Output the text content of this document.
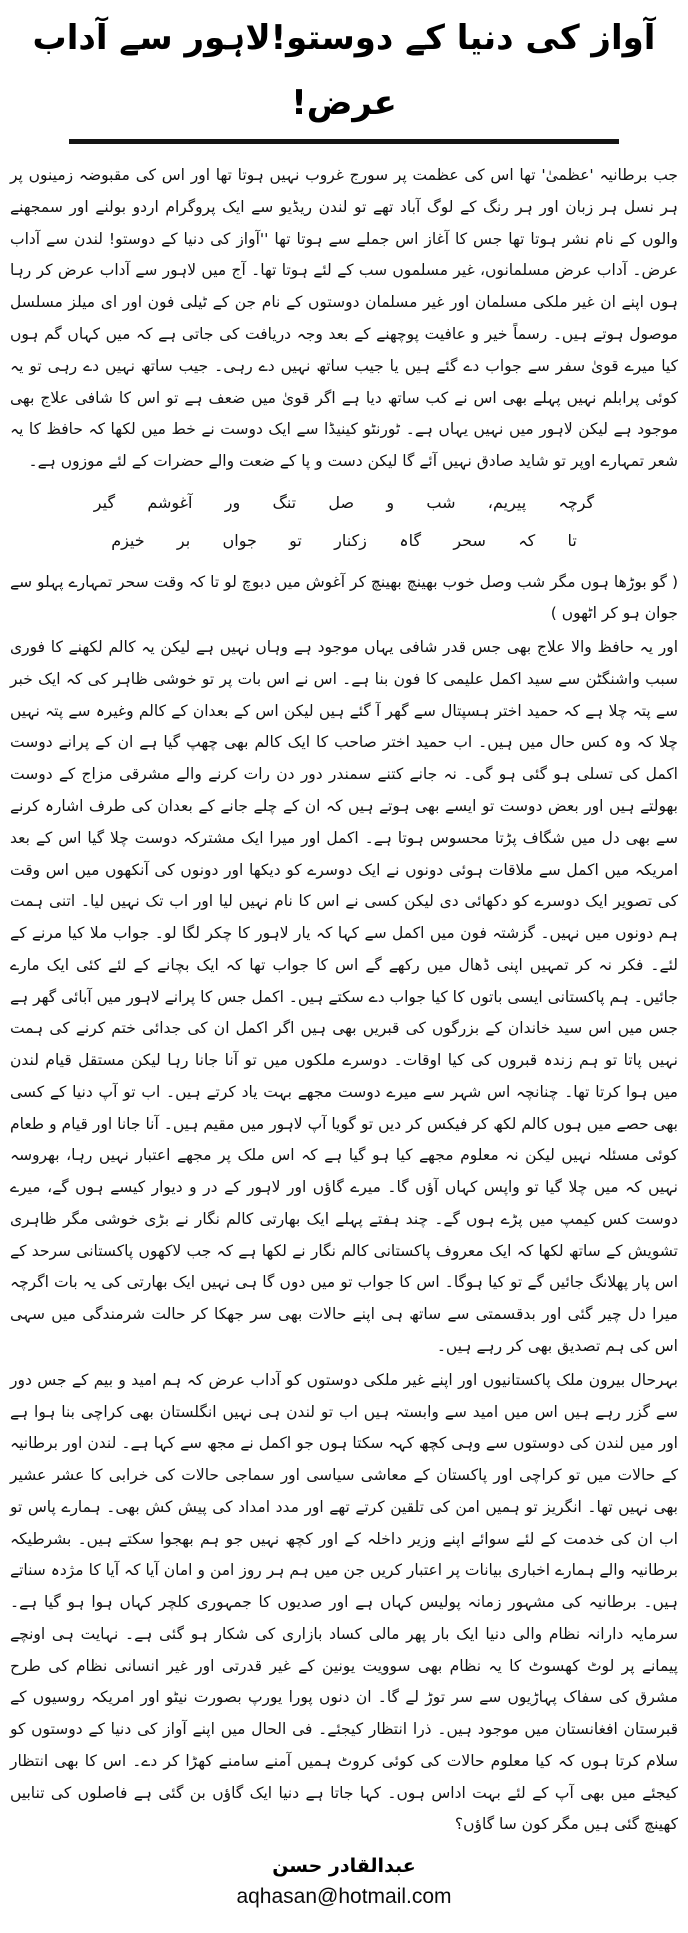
آواز کی دنیا کے دوستو!لاہور سے آداب عرض!

جب برطانیہ 'عظمیٰ' تھا اس کی عظمت پر سورج غروب نہیں ہوتا تھا اور اس کی مقبوضہ زمینوں پر ہر نسل ہر زبان اور ہر رنگ کے لوگ آباد تھے تو لندن ریڈیو سے ایک پروگرام اردو بولنے اور سمجھنے والوں کے نام نشر ہوتا تھا جس کا آغاز اس جملے سے ہوتا تھا ''آواز کی دنیا کے دوستو! لندن سے آداب عرض۔ آداب عرض مسلمانوں، غیر مسلموں سب کے لئے ہوتا تھا۔ آج میں لاہور سے آداب عرض کر رہا ہوں اپنے ان غیر ملکی مسلمان اور غیر مسلمان دوستوں کے نام جن کے ٹیلی فون اور ای میلز مسلسل موصول ہوتے ہیں۔ رسماً خیر و عافیت پوچھنے کے بعد وجہ دریافت کی جاتی ہے کہ میں کہاں گم ہوں کیا میرے قویٰ سفر سے جواب دے گئے ہیں یا جیب ساتھ نہیں دے رہی۔ جیب ساتھ نہیں دے رہی تو یہ کوئی پرابلم نہیں پہلے بھی اس نے کب ساتھ دیا ہے اگر قویٰ میں ضعف ہے تو اس کا شافی علاج بھی موجود ہے لیکن لاہور میں نہیں یہاں ہے۔ ٹورنٹو کینیڈا سے ایک دوست نے خط میں لکھا کہ حافظ کا یہ شعر تمہارے اوپر تو شاید صادق نہیں آئے گا لیکن دست و پا کے ضعت والے حضرات کے لئے موزوں ہے۔

گرچہ پیریم، شب و صل تنگ ور آغوشم گیر
تا کہ سحر گاہ زکنار تو جواں بر خیزم

( گو بوڑھا ہوں مگر شب وصل خوب بھینچ بھینچ کر آغوش میں دبوچ لو تا کہ وقت سحر تمہارے پہلو سے جوان ہو کر اٹھوں )

اور یہ حافظ والا علاج بھی جس قدر شافی یہاں موجود ہے وہاں نہیں ہے لیکن یہ کالم لکھنے کا فوری سبب واشنگٹن سے سید اکمل علیمی کا فون بنا ہے۔ اس نے اس بات پر تو خوشی ظاہر کی کہ ایک خبر سے پتہ چلا ہے کہ حمید اختر ہسپتال سے گھر آ گئے ہیں لیکن اس کے بعدان کے کالم وغیرہ سے پتہ نہیں چلا کہ وہ کس حال میں ہیں۔ اب حمید اختر صاحب کا ایک کالم بھی چھپ گیا ہے ان کے پرانے دوست اکمل کی تسلی ہو گئی ہو گی۔ نہ جانے کتنے سمندر دور دن رات کرنے والے مشرقی مزاج کے دوست بھولتے ہیں اور بعض دوست تو ایسے بھی ہوتے ہیں کہ ان کے چلے جانے کے بعدان کی طرف اشارہ کرنے سے بھی دل میں شگاف پڑتا محسوس ہوتا ہے۔ اکمل اور میرا ایک مشترکہ دوست چلا گیا اس کے بعد امریکہ میں اکمل سے ملاقات ہوئی دونوں نے ایک دوسرے کو دیکھا اور دونوں کی آنکھوں میں اس وقت کی تصویر ایک دوسرے کو دکھائی دی لیکن کسی نے اس کا نام نہیں لیا اور اب تک نہیں لیا۔ اتنی ہمت ہم دونوں میں نہیں۔ گزشتہ فون میں اکمل سے کہا کہ یار لاہور کا چکر لگا لو۔ جواب ملا کیا مرنے کے لئے۔ فکر نہ کر تمہیں اپنی ڈھال میں رکھے گے اس کا جواب تھا کہ ایک بچانے کے لئے کئی ایک مارے جائیں۔ ہم پاکستانی ایسی باتوں کا کیا جواب دے سکتے ہیں۔ اکمل جس کا پرانے لاہور میں آبائی گھر ہے جس میں اس سید خاندان کے بزرگوں کی قبریں بھی ہیں اگر اکمل ان کی جدائی ختم کرنے کی ہمت نہیں پاتا تو ہم زندہ قبروں کی کیا اوقات۔ دوسرے ملکوں میں تو آنا جانا رہا لیکن مستقل قیام لندن میں ہوا کرتا تھا۔ چنانچہ اس شہر سے میرے دوست مجھے بہت یاد کرتے ہیں۔ اب تو آپ دنیا کے کسی بھی حصے میں ہوں کالم لکھ کر فیکس کر دیں تو گویا آپ لاہور میں مقیم ہیں۔ آنا جانا اور قیام و طعام کوئی مسئلہ نہیں لیکن نہ معلوم مجھے کیا ہو گیا ہے کہ اس ملک پر مجھے اعتبار نہیں رہا، بھروسہ نہیں کہ میں چلا گیا تو واپس کہاں آؤں گا۔ میرے گاؤں اور لاہور کے در و دیوار کیسے ہوں گے، میرے دوست کس کیمپ میں پڑے ہوں گے۔ چند ہفتے پہلے ایک بھارتی کالم نگار نے بڑی خوشی مگر ظاہری تشویش کے ساتھ لکھا کہ ایک معروف پاکستانی کالم نگار نے لکھا ہے کہ جب لاکھوں پاکستانی سرحد کے اس پار پھلانگ جائیں گے تو کیا ہوگا۔ اس کا جواب تو میں دوں گا ہی نہیں ایک بھارتی کی یہ بات اگرچہ میرا دل چیر گئی اور بدقسمتی سے ساتھ ہی اپنے حالات بھی سر جھکا کر حالت شرمندگی میں سہی اس کی ہم تصدیق بھی کر رہے ہیں۔

بہرحال بیرون ملک پاکستانیوں اور اپنے غیر ملکی دوستوں کو آداب عرض کہ ہم امید و بیم کے جس دور سے گزر رہے ہیں اس میں امید سے وابستہ ہیں اب تو لندن ہی نہیں انگلستان بھی کراچی بنا ہوا ہے اور میں لندن کی دوستوں سے وہی کچھ کہہ سکتا ہوں جو اکمل نے مجھ سے کہا ہے۔ لندن اور برطانیہ کے حالات میں تو کراچی اور پاکستان کے معاشی سیاسی اور سماجی حالات کی خرابی کا عشر عشیر بھی نہیں تھا۔ انگریز تو ہمیں امن کی تلقین کرتے تھے اور مدد امداد کی پیش کش بھی۔ ہمارے پاس تو اب ان کی خدمت کے لئے سوائے اپنے وزیر داخلہ کے اور کچھ نہیں جو ہم بھجوا سکتے ہیں۔ بشرطیکہ برطانیہ والے ہمارے اخباری بیانات پر اعتبار کریں جن میں ہم ہر روز امن و امان آیا کہ آیا کا مژدہ سناتے ہیں۔ برطانیہ کی مشہور زمانہ پولیس کہاں ہے اور صدیوں کا جمہوری کلچر کہاں ہوا ہو گیا ہے۔ سرمایہ دارانہ نظام والی دنیا ایک بار پھر مالی کساد بازاری کی شکار ہو گئی ہے۔ نہایت ہی اونچے پیمانے پر لوٹ کھسوٹ کا یہ نظام بھی سوویت یونین کے غیر قدرتی اور غیر انسانی نظام کی طرح مشرق کی سفاک پہاڑیوں سے سر توڑ لے گا۔ ان دنوں پورا یورپ بصورت نیٹو اور امریکہ روسیوں کے قبرستان افغانستان میں موجود ہیں۔ ذرا انتظار کیجئے۔ فی الحال میں اپنے آواز کی دنیا کے دوستوں کو سلام کرتا ہوں کہ کیا معلوم حالات کی کوئی کروٹ ہمیں آمنے سامنے کھڑا کر دے۔ اس کا بھی انتظار کیجئے میں بھی آپ کے لئے بہت اداس ہوں۔ کہا جاتا ہے دنیا ایک گاؤں بن گئی ہے فاصلوں کی تنابیں کھینچ گئی ہیں مگر کون سا گاؤں؟

عبدالقادر حسن

aqhasan@hotmail.com
